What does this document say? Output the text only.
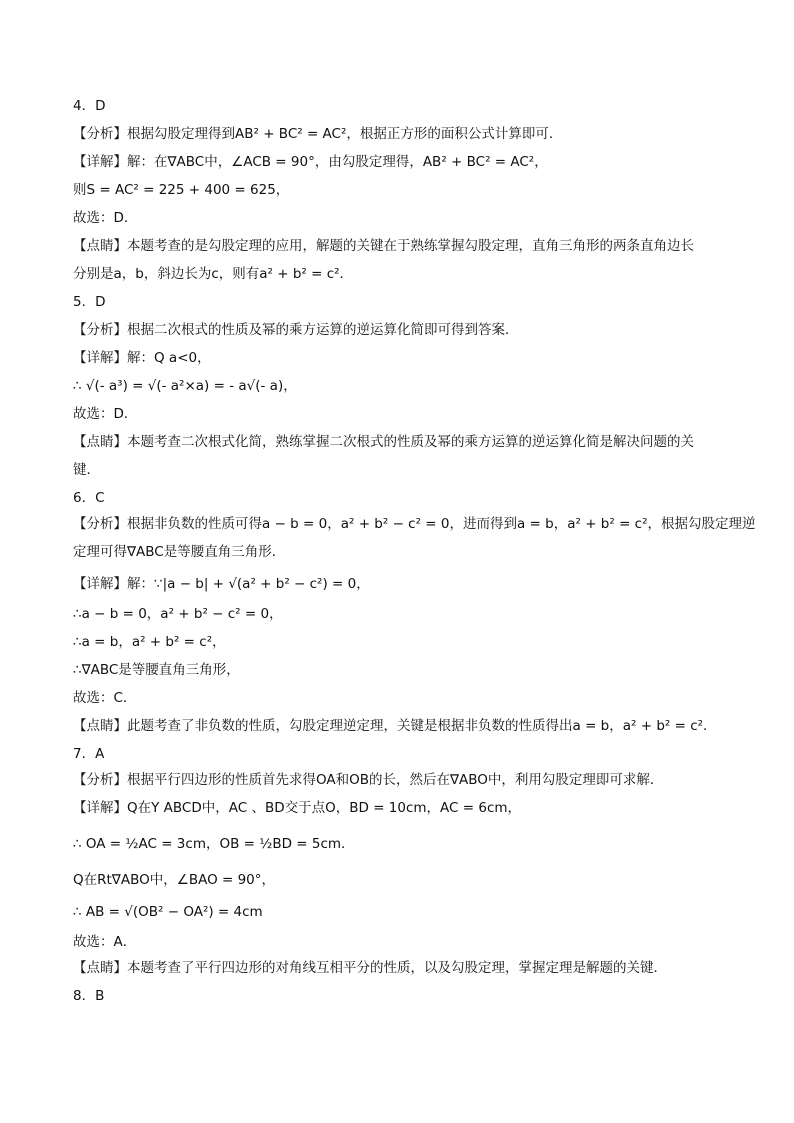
4．D
【分析】根据勾股定理得到AB² + BC² = AC²，根据正方形的面积公式计算即可．
【详解】解：在∇ABC中，∠ACB = 90°，由勾股定理得，AB² + BC² = AC²，
则S = AC² = 225 + 400 = 625，
故选：D．
【点睛】本题考查的是勾股定理的应用，解题的关键在于熟练掌握勾股定理，直角三角形的两条直角边长
分别是a，b，斜边长为c，则有a² + b² = c²．
5．D
【分析】根据二次根式的性质及幂的乘方运算的逆运算化简即可得到答案．
【详解】解：Q a<0，
∴ √(- a³) = √(- a²×a) = - a√(- a)，
故选：D．
【点睛】本题考查二次根式化简，熟练掌握二次根式的性质及幂的乘方运算的逆运算化简是解决问题的关
键．
6．C
【分析】根据非负数的性质可得a − b = 0，a² + b² − c² = 0，进而得到a = b，a² + b² = c²，根据勾股定理逆
定理可得∇ABC是等腰直角三角形．
【详解】解：∵|a − b| + √(a² + b² − c²) = 0，
∴a − b = 0，a² + b² − c² = 0，
∴a = b，a² + b² = c²，
∴∇ABC是等腰直角三角形，
故选：C．
【点睛】此题考查了非负数的性质，勾股定理逆定理，关键是根据非负数的性质得出a = b，a² + b² = c²．
7．A
【分析】根据平行四边形的性质首先求得OA和OB的长，然后在∇ABO中，利用勾股定理即可求解．
【详解】Q在Y ABCD中，AC 、BD交于点O，BD = 10cm，AC = 6cm，
∴ OA = ½AC = 3cm，OB = ½BD = 5cm．
Q在Rt∇ABO中，∠BAO = 90°，
∴ AB = √(OB² − OA²) = 4cm
故选：A．
【点睛】本题考查了平行四边形的对角线互相平分的性质，以及勾股定理，掌握定理是解题的关键．
8．B
